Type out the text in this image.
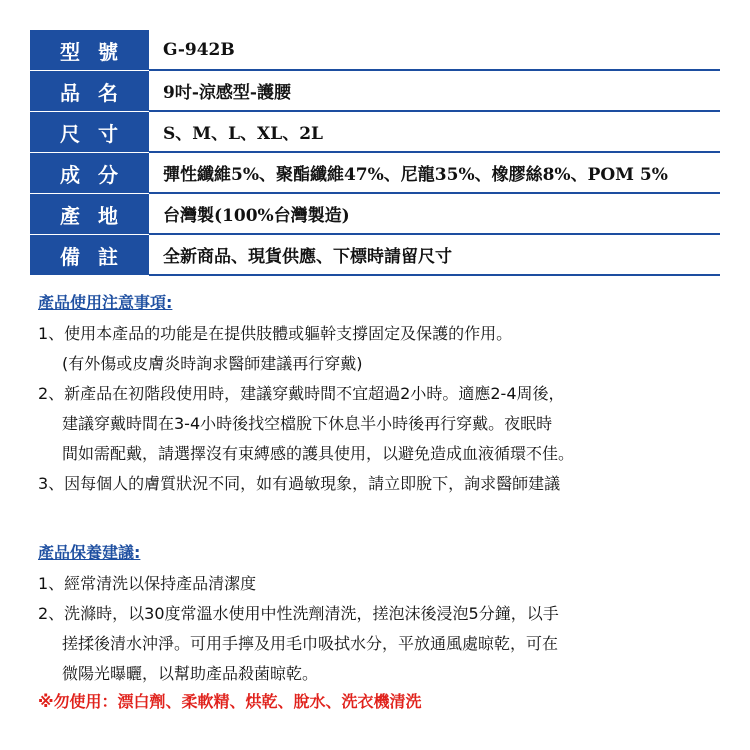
型號	G-942B
品名	9吋-涼感型-護腰
尺寸	S、M、L、XL、2L
成分	彈性纖維5%、聚酯纖維47%、尼龍35%、橡膠絲8%、POM 5%
產地	台灣製(100%台灣製造)
備註	全新商品、現貨供應、下標時請留尺寸
產品使用注意事項:
1、使用本產品的功能是在提供肢體或軀幹支撐固定及保護的作用。
(有外傷或皮膚炎時詢求醫師建議再行穿戴)
2、新產品在初階段使用時，建議穿戴時間不宜超過2小時。適應2-4周後，
建議穿戴時間在3-4小時後找空檔脫下休息半小時後再行穿戴。夜眠時
間如需配戴，請選擇沒有束縛感的護具使用，以避免造成血液循環不佳。
3、因每個人的膚質狀況不同，如有過敏現象，請立即脫下，詢求醫師建議
產品保養建議:
1、經常清洗以保持產品清潔度
2、洗滌時，以30度常溫水使用中性洗劑清洗，搓泡沫後浸泡5分鐘，以手
搓揉後清水沖淨。可用手擰及用毛巾吸拭水分，平放通風處晾乾，可在
微陽光曝曬，以幫助產品殺菌晾乾。
※勿使用：漂白劑、柔軟精、烘乾、脫水、洗衣機清洗
